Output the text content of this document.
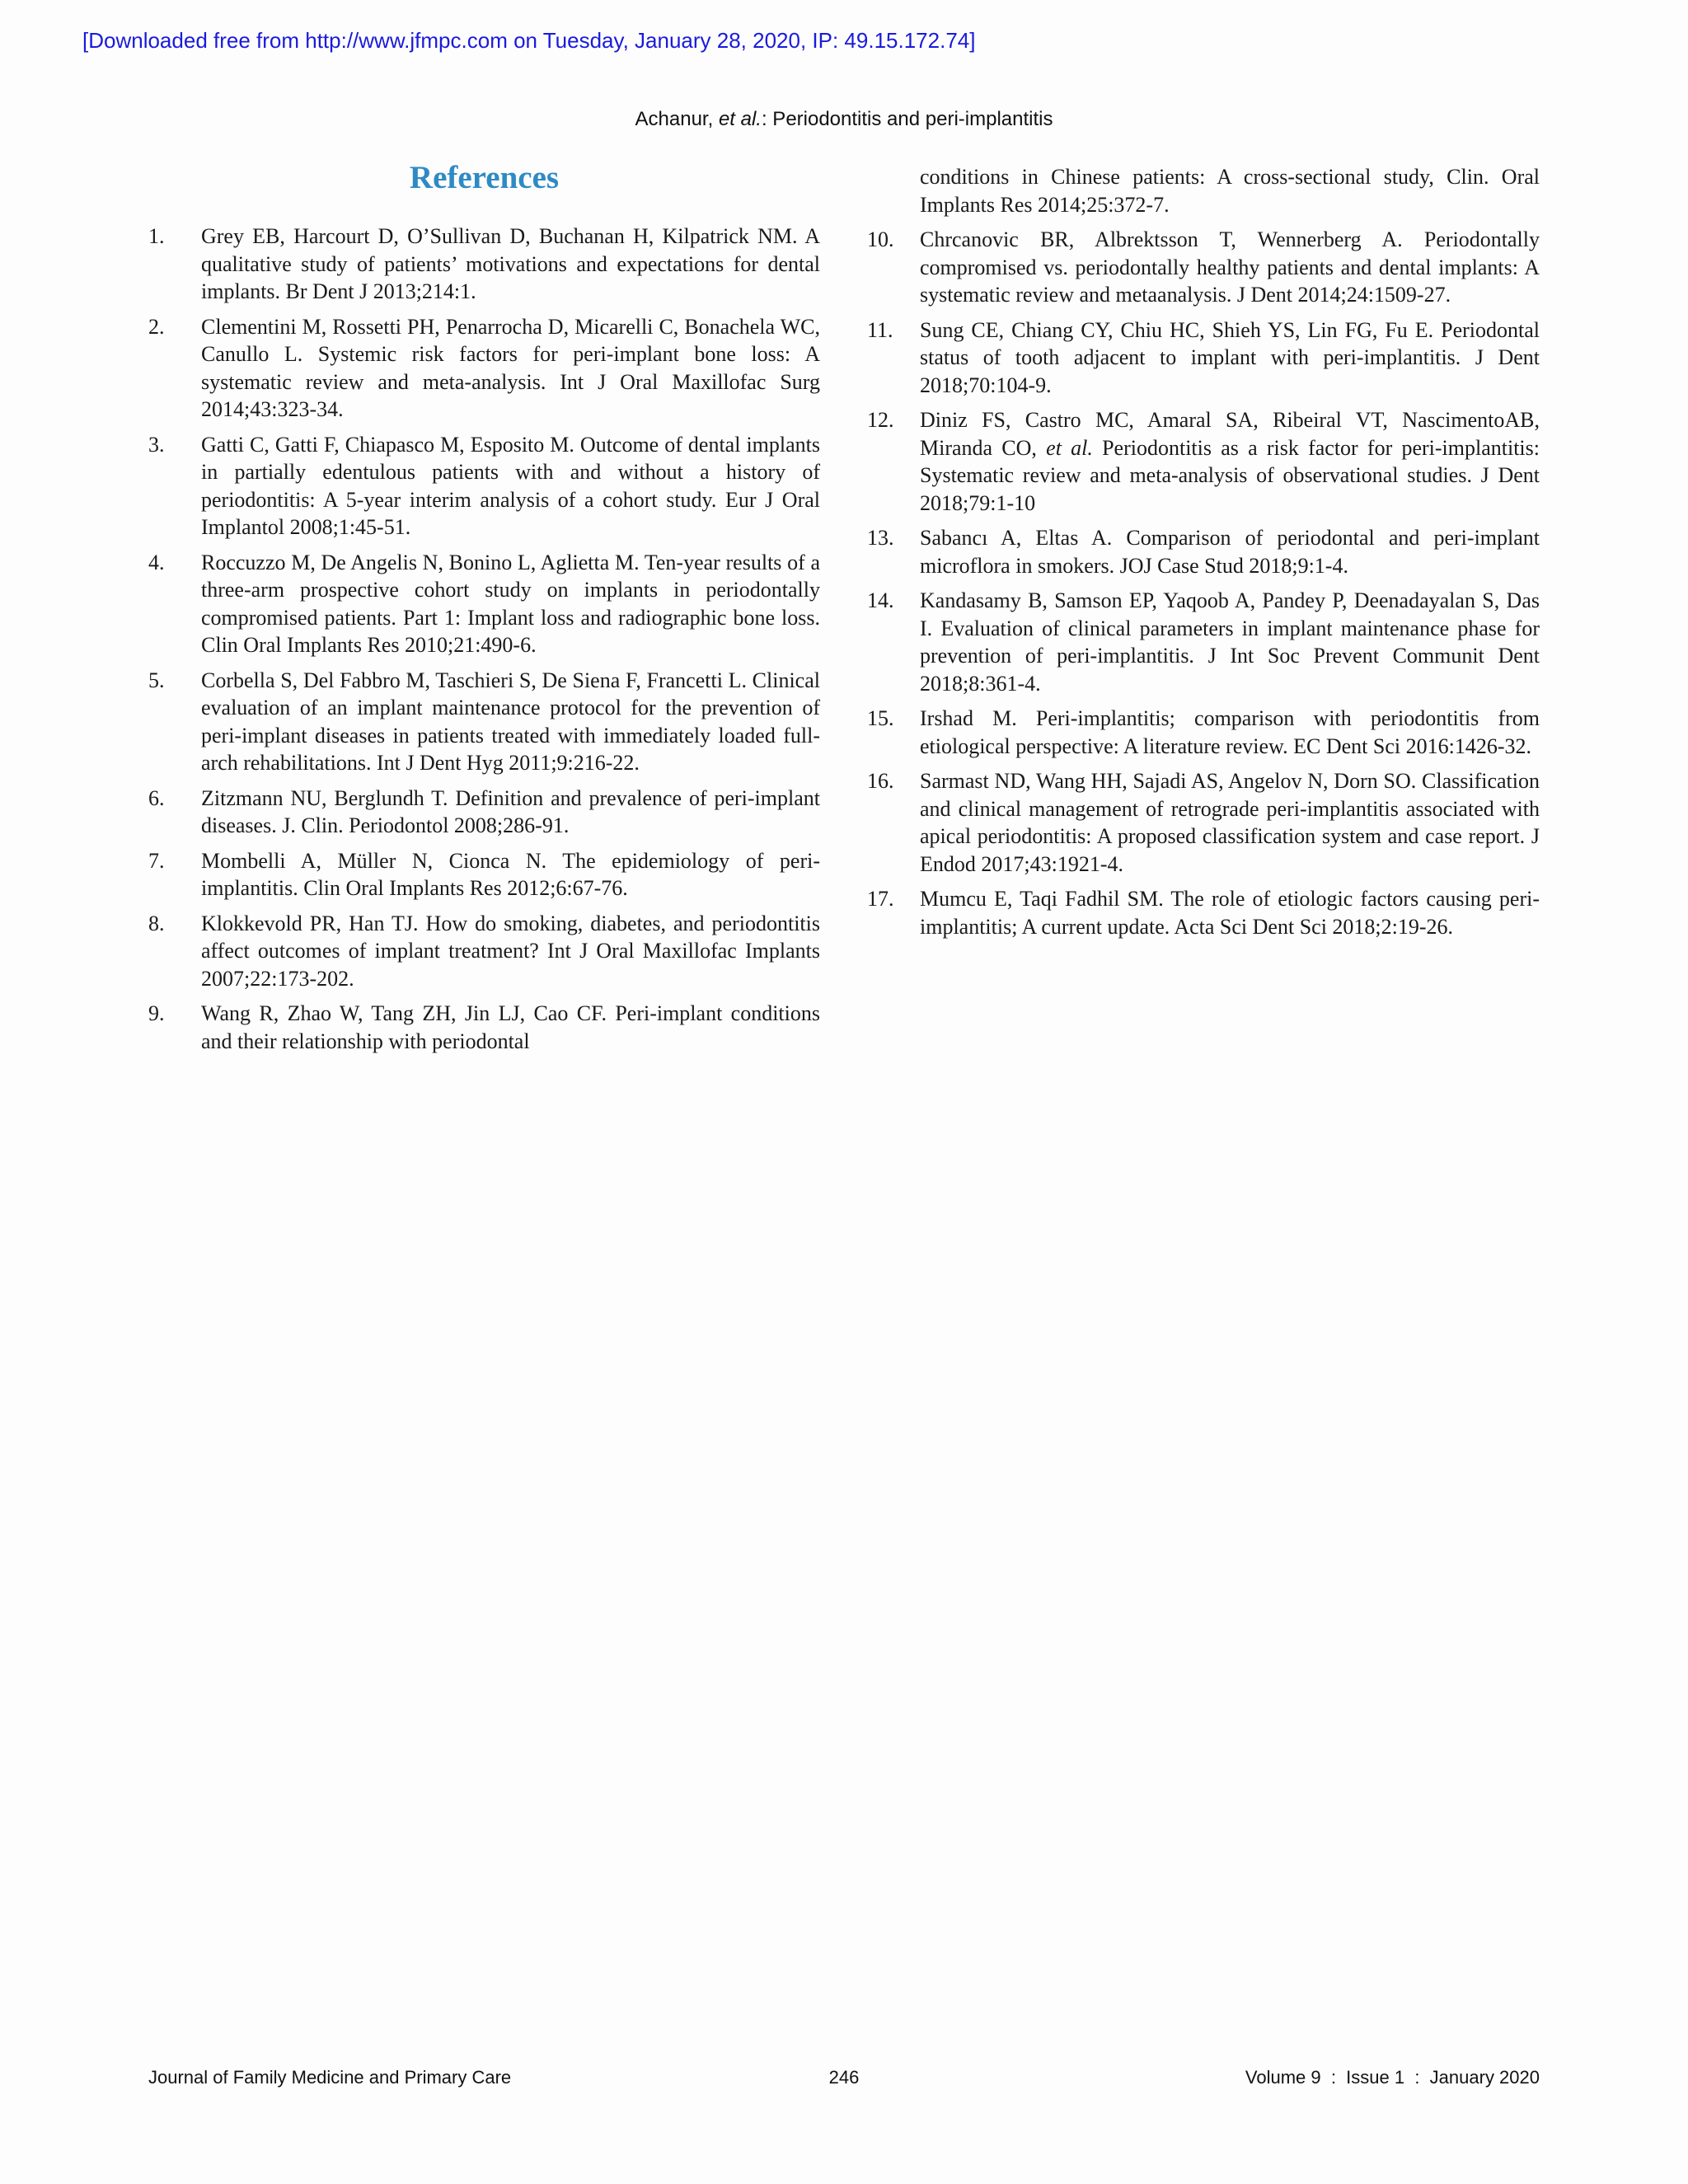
[Downloaded free from http://www.jfmpc.com on Tuesday, January 28, 2020, IP: 49.15.172.74]
Achanur, et al.: Periodontitis and peri-implantitis
References
1.	Grey EB, Harcourt D, O’Sullivan D, Buchanan H, Kilpatrick NM. A qualitative study of patients’ motivations and expectations for dental implants. Br Dent J 2013;214:1.
2.	Clementini M, Rossetti PH, Penarrocha D, Micarelli C, Bonachela WC, Canullo L. Systemic risk factors for peri-implant bone loss: A systematic review and meta-analysis. Int J Oral Maxillofac Surg 2014;43:323-34.
3.	Gatti C, Gatti F, Chiapasco M, Esposito M. Outcome of dental implants in partially edentulous patients with and without a history of periodontitis: A 5-year interim analysis of a cohort study. Eur J Oral Implantol 2008;1:45-51.
4.	Roccuzzo M, De Angelis N, Bonino L, Aglietta M. Ten-year results of a three-arm prospective cohort study on implants in periodontally compromised patients. Part 1: Implant loss and radiographic bone loss. Clin Oral Implants Res 2010;21:490-6.
5.	Corbella S, Del Fabbro M, Taschieri S, De Siena F, Francetti L. Clinical evaluation of an implant maintenance protocol for the prevention of peri-implant diseases in patients treated with immediately loaded full-arch rehabilitations. Int J Dent Hyg 2011;9:216-22.
6.	Zitzmann NU, Berglundh T. Definition and prevalence of peri-implant diseases. J. Clin. Periodontol 2008;286-91.
7.	Mombelli A, Müller N, Cionca N. The epidemiology of peri-implantitis. Clin Oral Implants Res 2012;6:67-76.
8.	Klokkevold PR, Han TJ. How do smoking, diabetes, and periodontitis affect outcomes of implant treatment? Int J Oral Maxillofac Implants 2007;22:173-202.
9.	Wang R, Zhao W, Tang ZH, Jin LJ, Cao CF. Peri-implant conditions and their relationship with periodontal
conditions in Chinese patients: A cross-sectional study, Clin. Oral Implants Res 2014;25:372-7.
10. Chrcanovic BR, Albrektsson T, Wennerberg A. Periodontally compromised vs. periodontally healthy patients and dental implants: A systematic review and metaanalysis. J Dent 2014;24:1509-27.
11.	Sung CE, Chiang CY, Chiu HC, Shieh YS, Lin FG, Fu E. Periodontal status of tooth adjacent to implant with peri-implantitis. J Dent 2018;70:104-9.
12. Diniz FS, Castro MC, Amaral SA, Ribeiral VT, NascimentoAB, Miranda CO, et al. Periodontitis as a risk factor for peri-implantitis: Systematic review and meta-analysis of observational studies. J Dent 2018;79:1-10
13. Sabancı A, Eltas A. Comparison of periodontal and peri-implant microflora in smokers. JOJ Case Stud 2018;9:1-4.
14. Kandasamy B, Samson EP, Yaqoob A, Pandey P, Deenadayalan S, Das I. Evaluation of clinical parameters in implant maintenance phase for prevention of peri-implantitis. J Int Soc Prevent Communit Dent 2018;8:361-4.
15. Irshad M. Peri-implantitis; comparison with periodontitis from etiological perspective: A literature review. EC Dent Sci 2016:1426-32.
16. Sarmast ND, Wang HH, Sajadi AS, Angelov N, Dorn SO. Classification and clinical management of retrograde peri-implantitis associated with apical periodontitis: A proposed classification system and case report. J Endod 2017;43:1921-4.
17. Mumcu E, Taqi Fadhil SM. The role of etiologic factors causing peri-implantitis; A current update. Acta Sci Dent Sci 2018;2:19-26.
Journal of Family Medicine and Primary Care	246	Volume 9  :  Issue 1  :  January 2020
